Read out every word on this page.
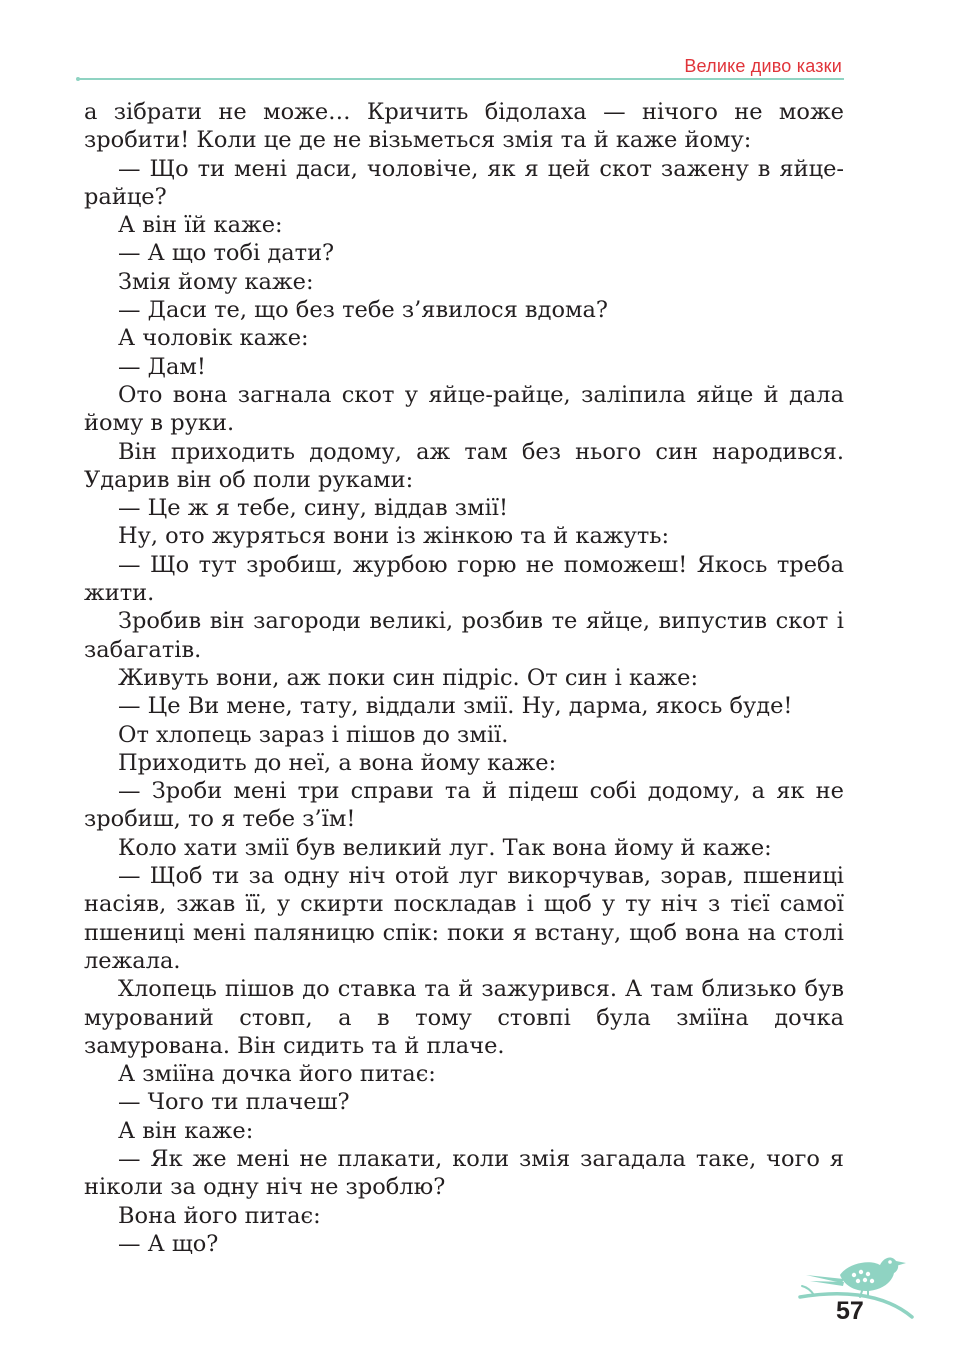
Велике диво казки

а зібрати не може… Кричить бідолаха — нічого не може зробити! Коли це де не візьметься змія та й каже йому:

— Що ти мені даси, чоловіче, як я цей скот зажену в яйце-райце?

А він їй каже:

— А що тобі дати?

Змія йому каже:

— Даси те, що без тебе з’явилося вдома?

А чоловік каже:

— Дам!

Ото вона загнала скот у яйце-райце, заліпила яйце й дала йому в руки.

Він приходить додому, аж там без нього син народився. Ударив він об поли руками:

— Це ж я тебе, сину, віддав змії!

Ну, ото журяться вони із жінкою та й кажуть:

— Що тут зробиш, журбою горю не поможеш! Якось треба жити.

Зробив він загороди великі, розбив те яйце, випустив скот і забагатів.

Живуть вони, аж поки син підріс. От син і каже:

— Це Ви мене, тату, віддали змії. Ну, дарма, якось буде!

От хлопець зараз і пішов до змії.

Приходить до неї, а вона йому каже:

— Зроби мені три справи та й підеш собі додому, а як не зробиш, то я тебе з’їм!

Коло хати змії був великий луг. Так вона йому й каже:

— Щоб ти за одну ніч отой луг викорчував, зорав, пшениці насіяв, зжав її, у скирти поскладав і щоб у ту ніч з тієї самої пшениці мені паляницю спік: поки я встану, щоб вона на столі лежала.

Хлопець пішов до ставка та й зажурився. А там близько був мурований стовп, а в тому стовпі була зміїна дочка замурована. Він сидить та й плаче.

А зміїна дочка його питає:

— Чого ти плачеш?

А він каже:

— Як же мені не плакати, коли змія загадала таке, чого я ніколи за одну ніч не зроблю?

Вона його питає:

— А що?

57
